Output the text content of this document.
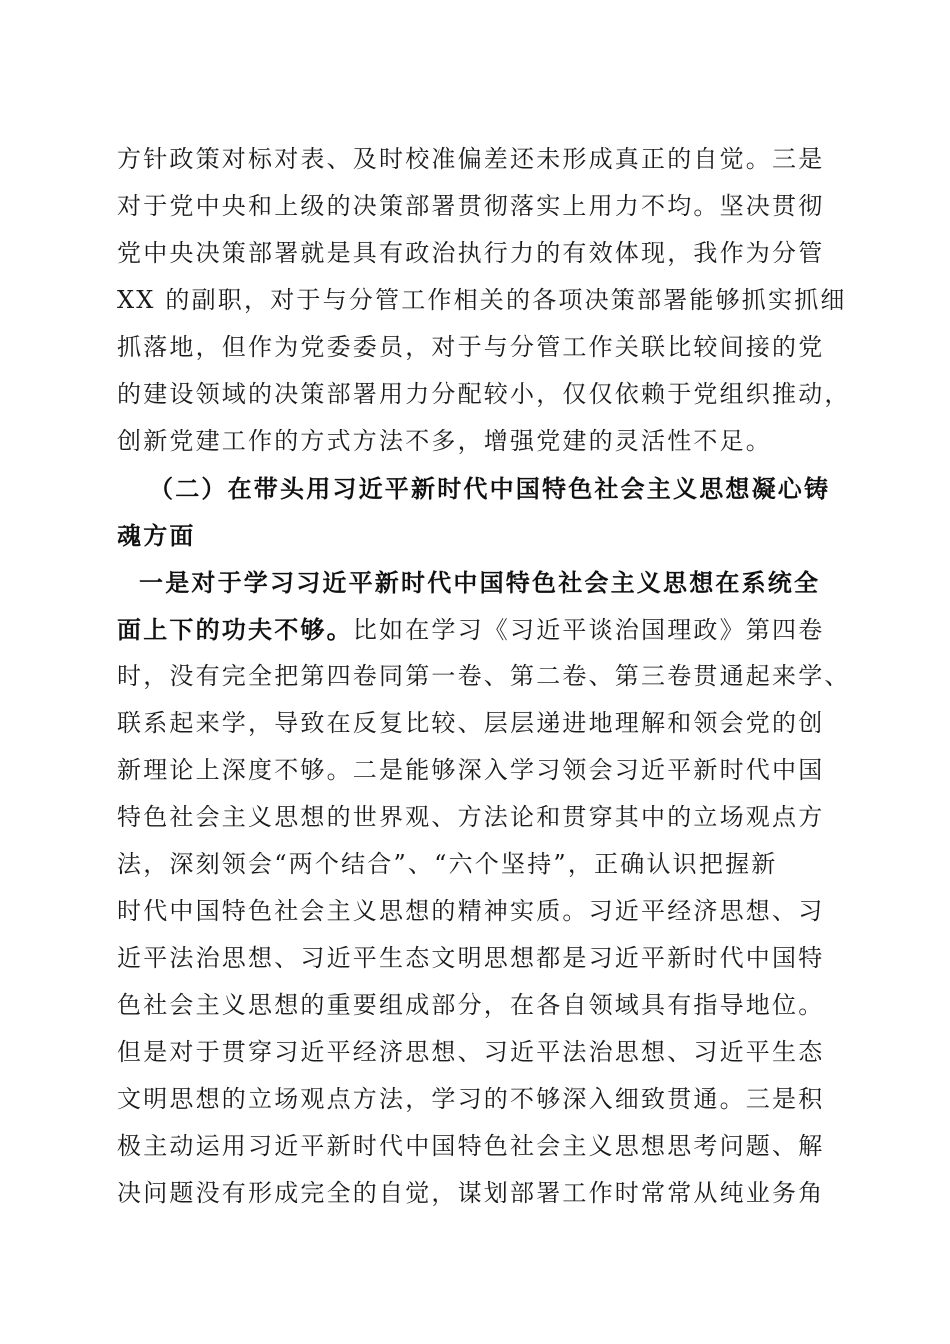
方针政策对标对表、及时校准偏差还未形成真正的自觉。三是
对于党中央和上级的决策部署贯彻落实上用力不均。坚决贯彻
党中央决策部署就是具有政治执行力的有效体现，我作为分管
XX 的副职，对于与分管工作相关的各项决策部署能够抓实抓细
抓落地，但作为党委委员，对于与分管工作关联比较间接的党
的建设领域的决策部署用力分配较小，仅仅依赖于党组织推动，
创新党建工作的方式方法不多，增强党建的灵活性不足。
（二）在带头用习近平新时代中国特色社会主义思想凝心铸
魂方面
一是对于学习习近平新时代中国特色社会主义思想在系统全
面上下的功夫不够。比如在学习《习近平谈治国理政》第四卷
时，没有完全把第四卷同第一卷、第二卷、第三卷贯通起来学、
联系起来学，导致在反复比较、层层递进地理解和领会党的创
新理论上深度不够。二是能够深入学习领会习近平新时代中国
特色社会主义思想的世界观、方法论和贯穿其中的立场观点方
法，深刻领会“两个结合”、“六个坚持”，正确认识把握新
时代中国特色社会主义思想的精神实质。习近平经济思想、习
近平法治思想、习近平生态文明思想都是习近平新时代中国特
色社会主义思想的重要组成部分，在各自领域具有指导地位。
但是对于贯穿习近平经济思想、习近平法治思想、习近平生态
文明思想的立场观点方法，学习的不够深入细致贯通。三是积
极主动运用习近平新时代中国特色社会主义思想思考问题、解
决问题没有形成完全的自觉，谋划部署工作时常常从纯业务角
